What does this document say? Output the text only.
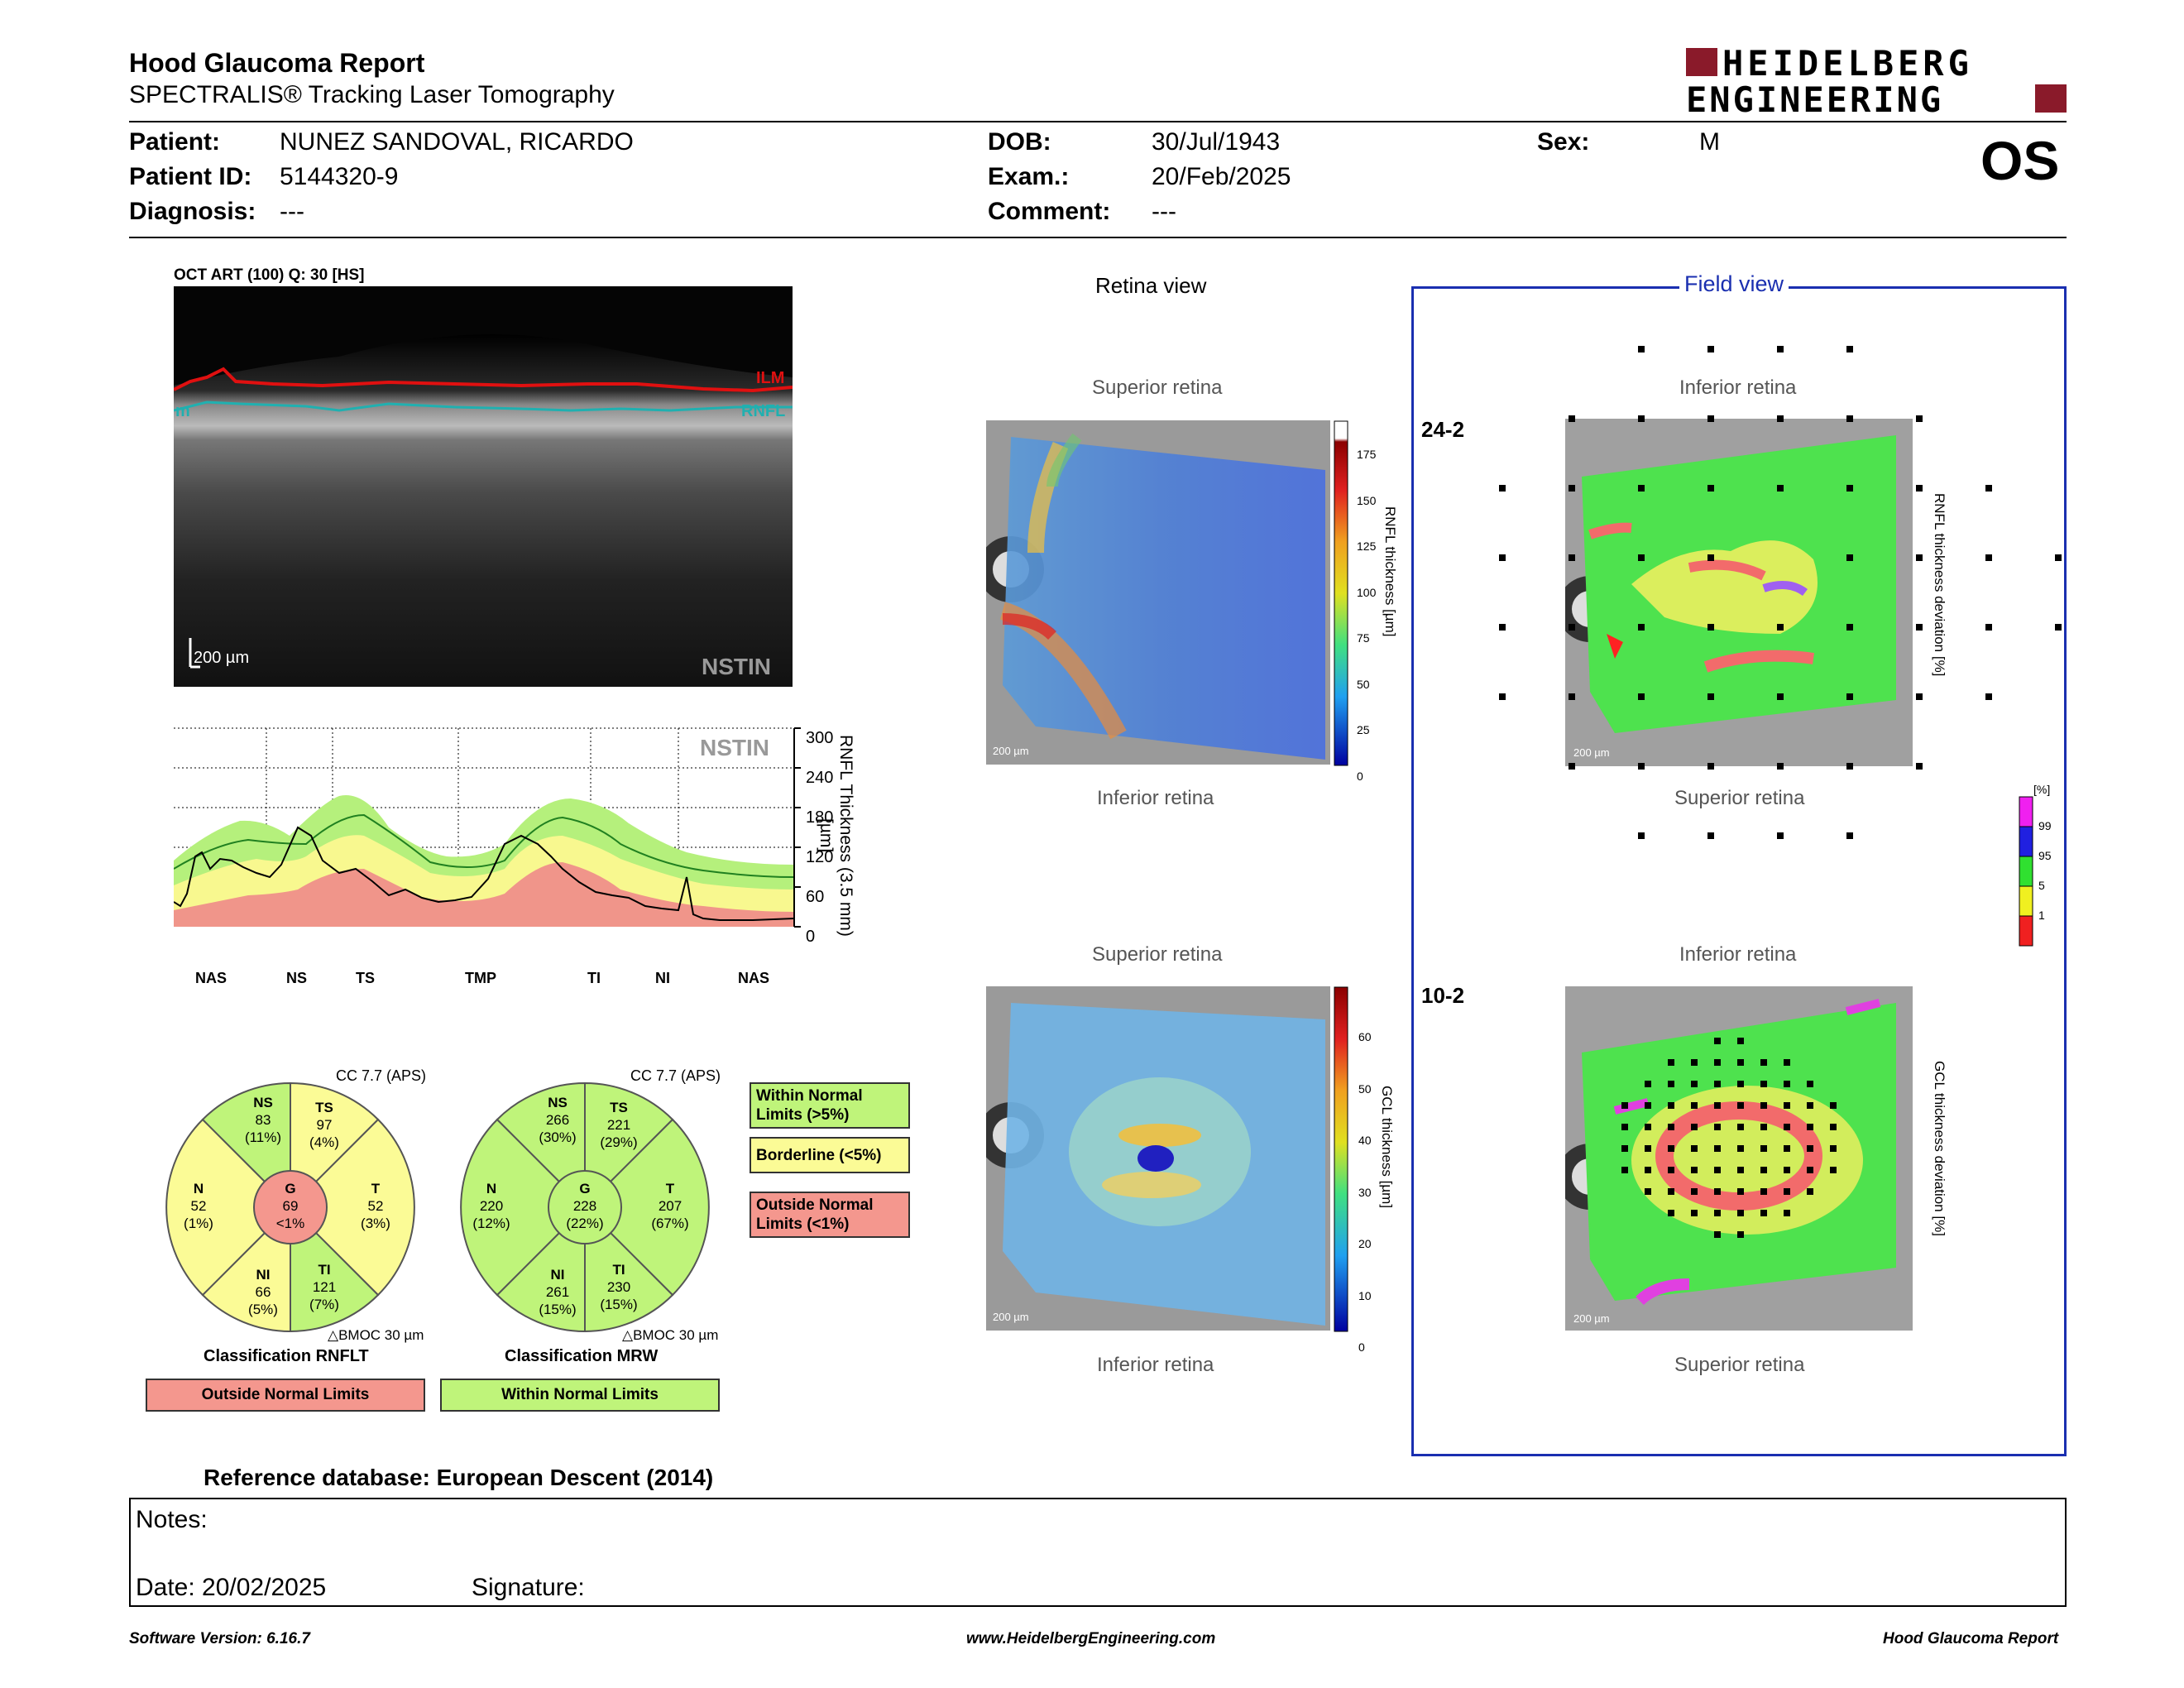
Hood Glaucoma Report
SPECTRALIS® Tracking Laser Tomography
HEIDELBERG
ENGINEERING
Patient: NUNEZ SANDOVAL, RICARDO
Patient ID: 5144320-9
Diagnosis: ---
DOB:	30/Jul/1943
Exam.:	20/Feb/2025
Comment: ---
Sex:	M	OS
OCT ART (100) Q: 30 [HS]
200 µm	NSTIN
ILM
RNFL
m
NSTIN 300
240
180
120
60
0
RNFL Thickness (3.5 mm) [µm]
NAS	NS	TS	TMP	TI	NI	NAS
CC 7.7 (APS)
NS
83
(11%)
TS
97
(4%)
N
52
(1%)
G
69
<1%
T
52
(3%)
NI
66
(5%)
TI
121
(7%)
△BMOC 30 µm
Classification RNFLT
Outside Normal Limits
CC 7.7 (APS)
NS
266
(30%)
TS
221
(29%)
N
220
(12%)
G
228
(22%)
T
207
(67%)
NI
261
(15%)
TI
230
(15%)
△BMOC 30 µm
Classification MRW
Within Normal Limits
Within Normal
Limits (>5%)
Borderline (<5%)
Outside Normal
Limits (<1%)
Retina view
Superior retina
200 µm
175
150
125
100
75
50
25
0
RNFL thickness [µm]
Inferior retina
Superior retina
200 µm
60
50
40
30
20
10
0
GCL thickness [µm]
Inferior retina
Field view
Inferior retina
24-2
200 µm
RNFL thickness deviation [%]
Superior retina	[%]
99
95
5
1
Inferior retina
10-2
200 µm
GCL thickness deviation [%]
Superior retina
Reference database: European Descent (2014)
Notes:
Date: 20/02/2025	Signature:
Software Version: 6.16.7	www.HeidelbergEngineering.com	Hood Glaucoma Report
